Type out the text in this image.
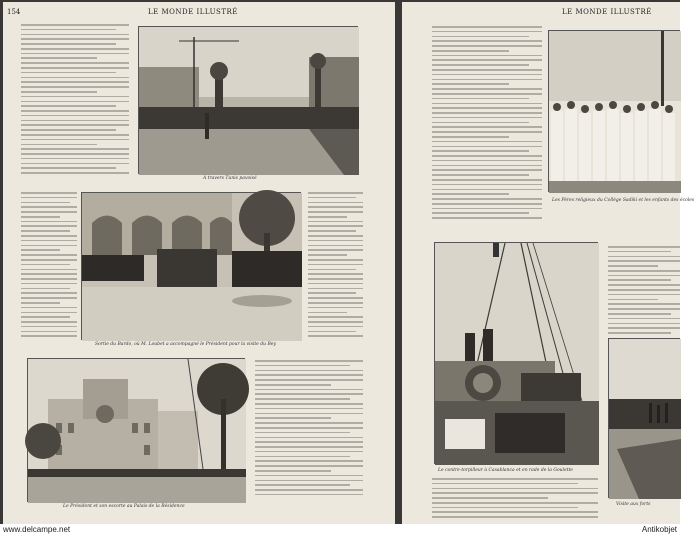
154	LE MONDE ILLUSTRÉ
A travers Tunis pavoisé
Sortie du Bardo, où M. Loubet a accompagné le Président pour la visite du Bey
Le Président et son escorte au Palais de la Résidence
LE MONDE ILLUSTRÉ
Les Pères religieux du Collège Sadiki et les enfants des écoles
Le contre-torpilleur à Casablanca et en rade de la Goulette
Visite aux forts
www.delcampe.net	Antikobjet
